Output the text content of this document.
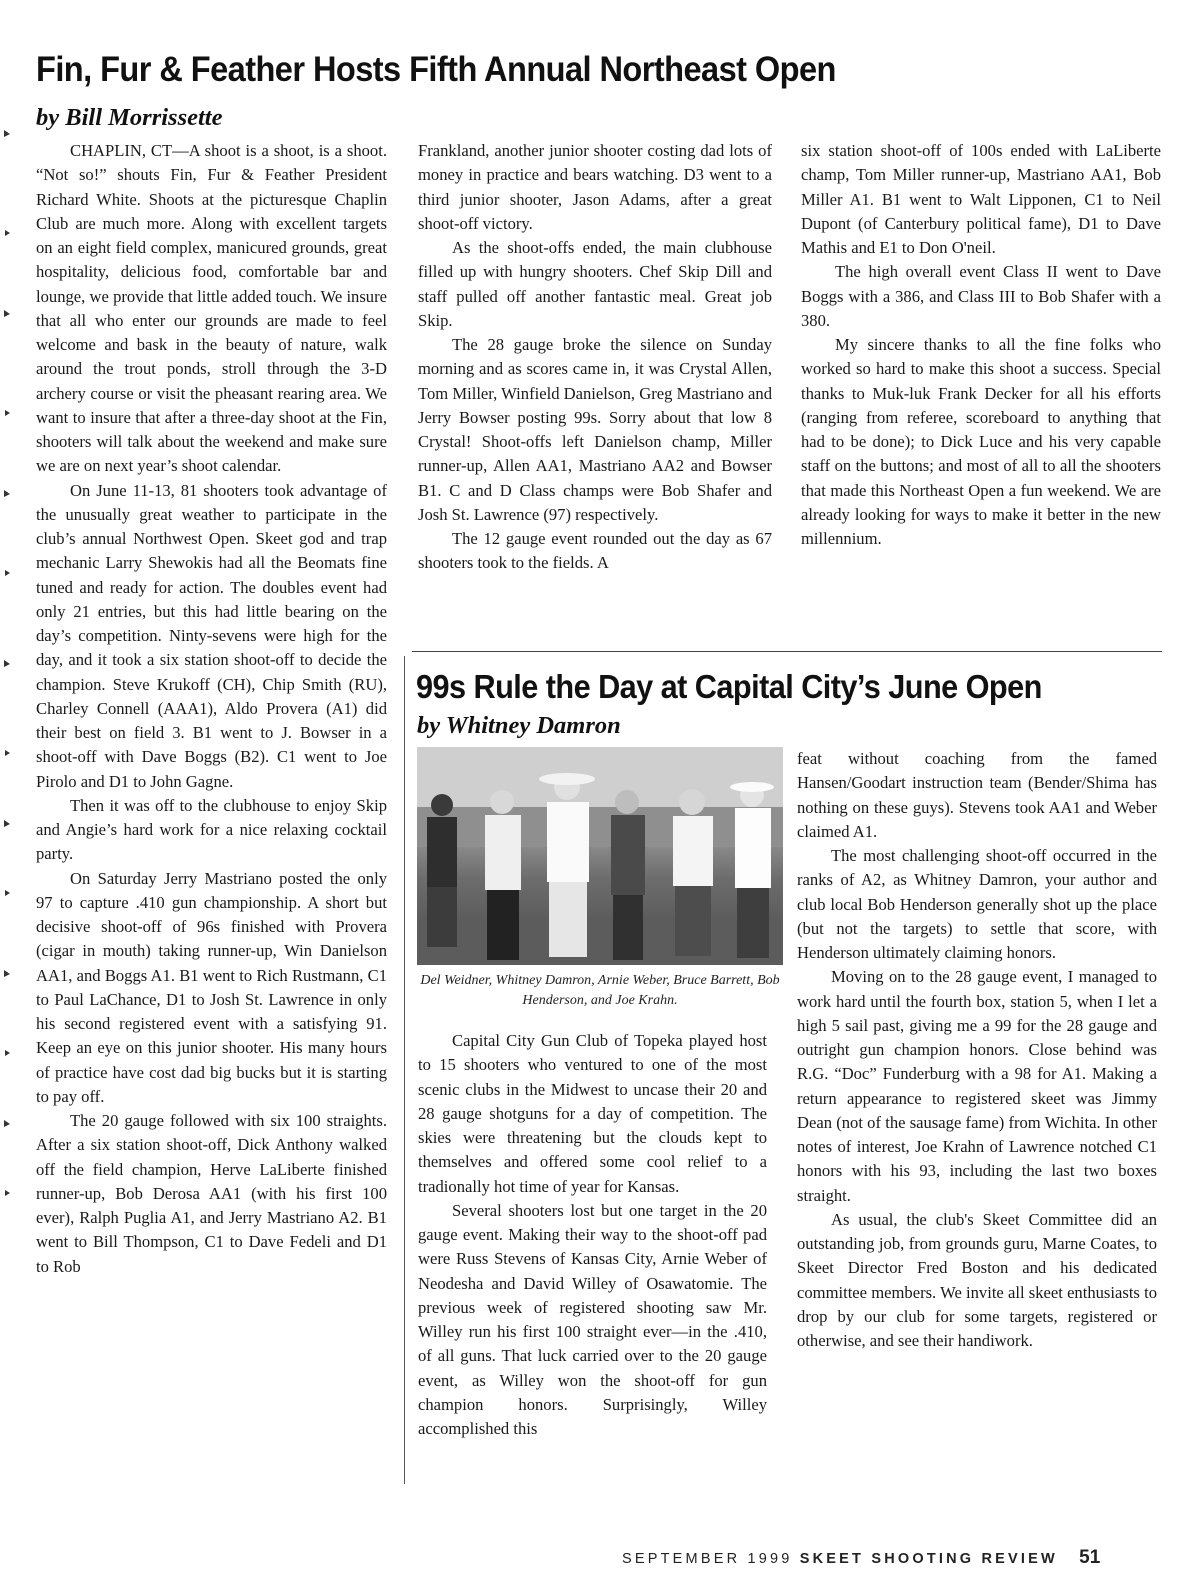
Fin, Fur & Feather Hosts Fifth Annual Northeast Open
by Bill Morrissette

CHAPLIN, CT—A shoot is a shoot, is a shoot. “Not so!” shouts Fin, Fur & Feather President Richard White. Shoots at the picturesque Chaplin Club are much more. Along with excellent targets on an eight field complex, manicured grounds, great hospitality, delicious food, comfortable bar and lounge, we provide that little added touch. We insure that all who enter our grounds are made to feel welcome and bask in the beauty of nature, walk around the trout ponds, stroll through the 3-D archery course or visit the pheasant rearing area. We want to insure that after a three-day shoot at the Fin, shooters will talk about the weekend and make sure we are on next year’s shoot calendar.

On June 11-13, 81 shooters took advantage of the unusually great weather to participate in the club’s annual Northwest Open. Skeet god and trap mechanic Larry Shewokis had all the Beomats fine tuned and ready for action. The doubles event had only 21 entries, but this had little bearing on the day’s competition. Ninty-sevens were high for the day, and it took a six station shoot-off to decide the champion. Steve Krukoff (CH), Chip Smith (RU), Charley Connell (AAA1), Aldo Provera (A1) did their best on field 3. B1 went to J. Bowser in a shoot-off with Dave Boggs (B2). C1 went to Joe Pirolo and D1 to John Gagne.

Then it was off to the clubhouse to enjoy Skip and Angie’s hard work for a nice relaxing cocktail party.

On Saturday Jerry Mastriano posted the only 97 to capture .410 gun championship. A short but decisive shoot-off of 96s finished with Provera (cigar in mouth) taking runner-up, Win Danielson AA1, and Boggs A1. B1 went to Rich Rustmann, C1 to Paul LaChance, D1 to Josh St. Lawrence in only his second registered event with a satisfying 91. Keep an eye on this junior shooter. His many hours of practice have cost dad big bucks but it is starting to pay off.

The 20 gauge followed with six 100 straights. After a six station shoot-off, Dick Anthony walked off the field champion, Herve LaLiberte finished runner-up, Bob Derosa AA1 (with his first 100 ever), Ralph Puglia A1, and Jerry Mastriano A2. B1 went to Bill Thompson, C1 to Dave Fedeli and D1 to Rob

Frankland, another junior shooter costing dad lots of money in practice and bears watching. D3 went to a third junior shooter, Jason Adams, after a great shoot-off victory.

As the shoot-offs ended, the main clubhouse filled up with hungry shooters. Chef Skip Dill and staff pulled off another fantastic meal. Great job Skip.

The 28 gauge broke the silence on Sunday morning and as scores came in, it was Crystal Allen, Tom Miller, Winfield Danielson, Greg Mastriano and Jerry Bowser posting 99s. Sorry about that low 8 Crystal! Shoot-offs left Danielson champ, Miller runner-up, Allen AA1, Mastriano AA2 and Bowser B1. C and D Class champs were Bob Shafer and Josh St. Lawrence (97) respectively.

The 12 gauge event rounded out the day as 67 shooters took to the fields. A

six station shoot-off of 100s ended with LaLiberte champ, Tom Miller runner-up, Mastriano AA1, Bob Miller A1. B1 went to Walt Lipponen, C1 to Neil Dupont (of Canterbury political fame), D1 to Dave Mathis and E1 to Don O'neil.

The high overall event Class II went to Dave Boggs with a 386, and Class III to Bob Shafer with a 380.

My sincere thanks to all the fine folks who worked so hard to make this shoot a success. Special thanks to Muk-luk Frank Decker for all his efforts (ranging from referee, scoreboard to anything that had to be done); to Dick Luce and his very capable staff on the buttons; and most of all to all the shooters that made this Northeast Open a fun weekend. We are already looking for ways to make it better in the new millennium.

99s Rule the Day at Capital City’s June Open
by Whitney Damron

Del Weidner, Whitney Damron, Arnie Weber, Bruce Barrett, Bob Henderson, and Joe Krahn.

Capital City Gun Club of Topeka played host to 15 shooters who ventured to one of the most scenic clubs in the Midwest to uncase their 20 and 28 gauge shotguns for a day of competition. The skies were threatening but the clouds kept to themselves and offered some cool relief to a tradionally hot time of year for Kansas.

Several shooters lost but one target in the 20 gauge event. Making their way to the shoot-off pad were Russ Stevens of Kansas City, Arnie Weber of Neodesha and David Willey of Osawatomie. The previous week of registered shooting saw Mr. Willey run his first 100 straight ever—in the .410, of all guns. That luck carried over to the 20 gauge event, as Willey won the shoot-off for gun champion honors. Surprisingly, Willey accomplished this

feat without coaching from the famed Hansen/Goodart instruction team (Bender/Shima has nothing on these guys). Stevens took AA1 and Weber claimed A1.

The most challenging shoot-off occurred in the ranks of A2, as Whitney Damron, your author and club local Bob Henderson generally shot up the place (but not the targets) to settle that score, with Henderson ultimately claiming honors.

Moving on to the 28 gauge event, I managed to work hard until the fourth box, station 5, when I let a high 5 sail past, giving me a 99 for the 28 gauge and outright gun champion honors. Close behind was R.G. “Doc” Funderburg with a 98 for A1. Making a return appearance to registered skeet was Jimmy Dean (not of the sausage fame) from Wichita. In other notes of interest, Joe Krahn of Lawrence notched C1 honors with his 93, including the last two boxes straight.

As usual, the club's Skeet Committee did an outstanding job, from grounds guru, Marne Coates, to Skeet Director Fred Boston and his dedicated committee members. We invite all skeet enthusiasts to drop by our club for some targets, registered or otherwise, and see their handiwork.

SEPTEMBER 1999 SKEET SHOOTING REVIEW 51
